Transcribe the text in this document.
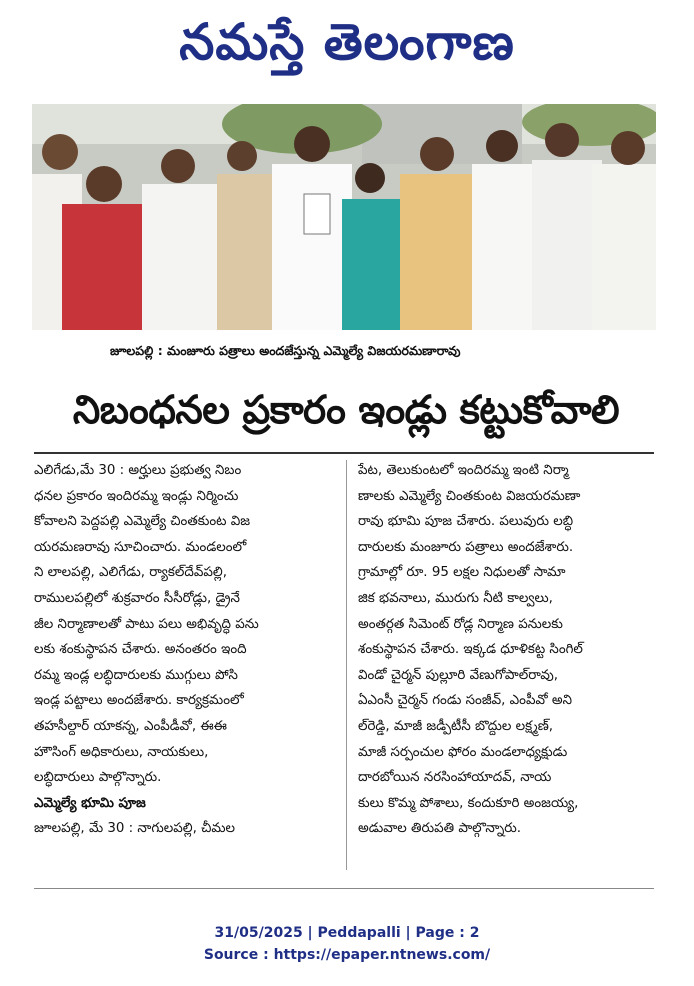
నమస్తే తెలంగాణ
జూలపల్లి : మంజూరు పత్రాలు అందజేస్తున్న ఎమ్మెల్యే విజయరమణారావు
నిబంధనల ప్రకారం ఇండ్లు కట్టుకోవాలి
ఎలిగేడు,మే 30 : అర్హులు ప్రభుత్వ నిబం
ధనల ప్రకారం ఇందిరమ్మ ఇండ్లు నిర్మించు
కోవాలని పెద్దపల్లి ఎమ్మెల్యే చింతకుంట విజ
యరమణరావు సూచించారు. మండలంలో
ని లాలపల్లి, ఎలిగేడు, ర్యాకల్‌దేవ్‌పల్లి,
రాములపల్లిలో శుక్రవారం సీసీరోడ్లు, డ్రైనే
జీల నిర్మాణాలతో పాటు పలు అభివృద్ధి పను
లకు శంకుస్థాపన చేశారు. అనంతరం ఇంది
రమ్మ ఇండ్ల లబ్ధిదారులకు ముగ్గులు పోసి
ఇండ్ల పట్టాలు అందజేశారు. కార్యక్రమంలో
తహసీల్దార్ యాకన్న, ఎంపీడీవో, ఈఈ
హౌసింగ్ అధికారులు, నాయకులు,
లబ్ధిదారులు పాల్గొన్నారు.
ఎమ్మెల్యే భూమి పూజ
జూలపల్లి, మే 30 : నాగులపల్లి, చీమల
పేట, తెలుకుంటలో ఇందిరమ్మ ఇంటి నిర్మా
ణాలకు ఎమ్మెల్యే చింతకుంట విజయరమణా
రావు భూమి పూజ చేశారు. పలువురు లబ్ధి
దారులకు మంజూరు పత్రాలు అందజేశారు.
గ్రామాల్లో రూ. 95 లక్షల నిధులతో సామా
జిక భవనాలు, మురుగు నీటి కాల్వలు,
అంతర్గత సిమెంట్ రోడ్ల నిర్మాణ పనులకు
శంకుస్థాపన చేశారు. ఇక్కడ ధూళికట్ట సింగిల్
విండో చైర్మన్ పుల్లూరి వేణుగోపాల్‌రావు,
ఏఎంసీ చైర్మన్ గండు సంజీవ్, ఎంపీవో అని
ల్‌రెడ్డి, మాజీ జడ్పీటీసీ బొద్దుల లక్ష్మణ్,
మాజీ సర్పంచుల ఫోరం మండలాధ్యక్షుడు
దారబోయిన నరసింహాయాదవ్, నాయ
కులు కొమ్మ పోశాలు, కందుకూరి అంజయ్య,
అడువాల తిరుపతి పాల్గొన్నారు.
31/05/2025 | Peddapalli | Page : 2
Source : https://epaper.ntnews.com/
